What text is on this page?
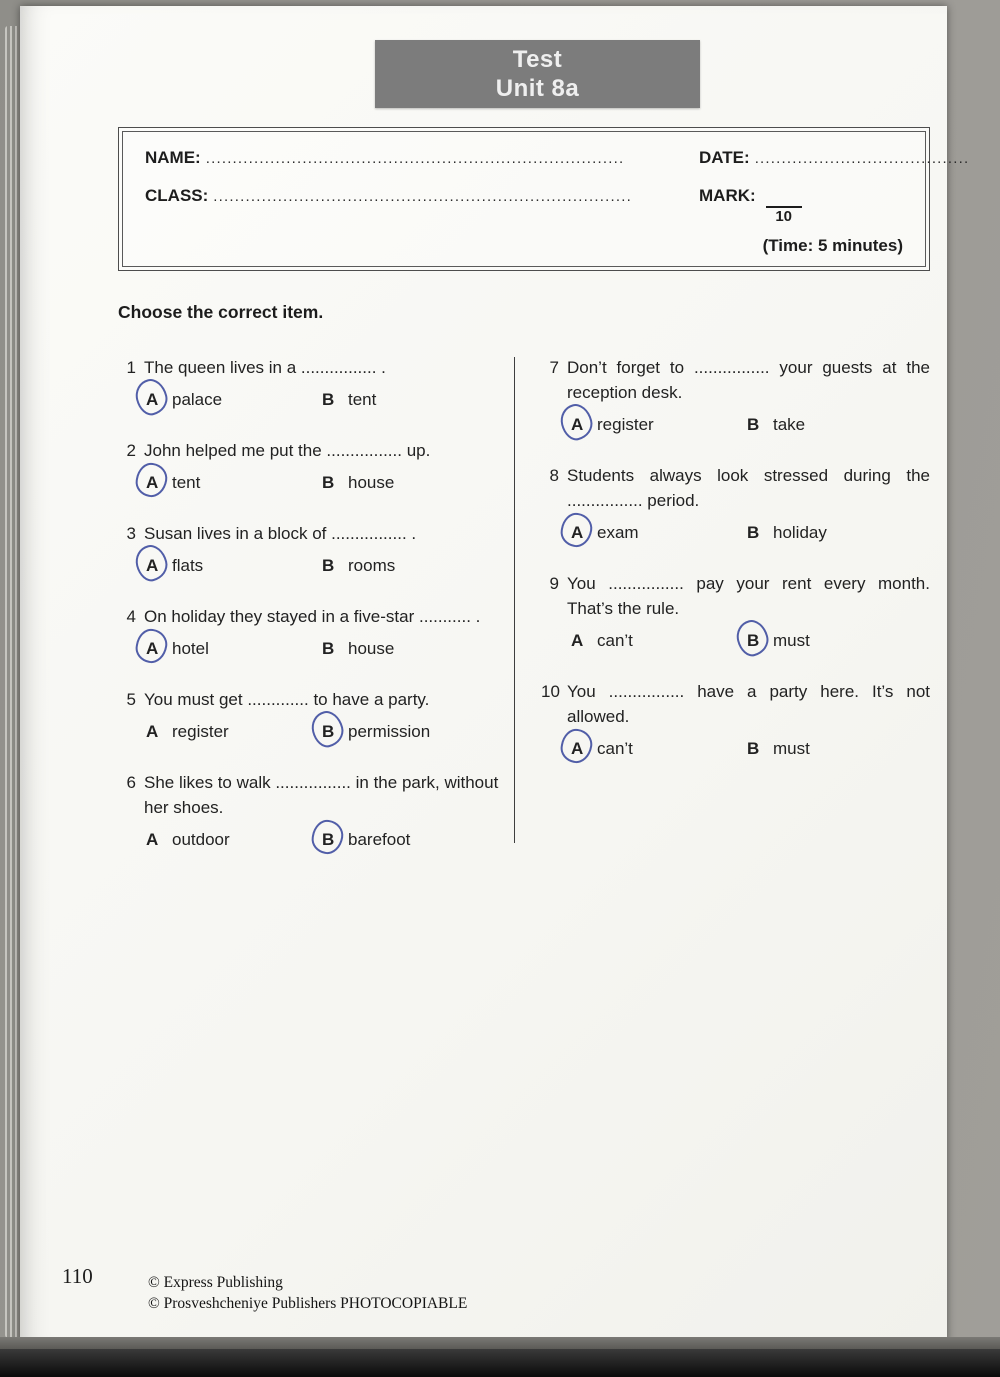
Test
Unit 8a
NAME: ..............................................................................	DATE: ........................................
CLASS: ..............................................................................	MARK:
10
(Time: 5 minutes)
Choose the correct item.
1 The queen lives in a ................ .
A palace	B tent
2 John helped me put the ................ up.
A tent	B house
3 Susan lives in a block of ................ .
A flats	B rooms
4 On holiday they stayed in a five-star ........... .
A hotel	B house
5 You must get ............. to have a party.
A register	B permission
6 She likes to walk ................ in the park, without her shoes.
A outdoor	B barefoot
7 Don’t forget to ................ your guests at the reception desk.
A register	B take
8 Students always look stressed during the ................ period.
A exam	B holiday
9 You ................ pay your rent every month. That’s the rule.
A can’t	B must
10 You ................ have a party here. It’s not allowed.
A can’t	B must
110	© Express Publishing
© Prosveshcheniye Publishers PHOTOCOPIABLE
